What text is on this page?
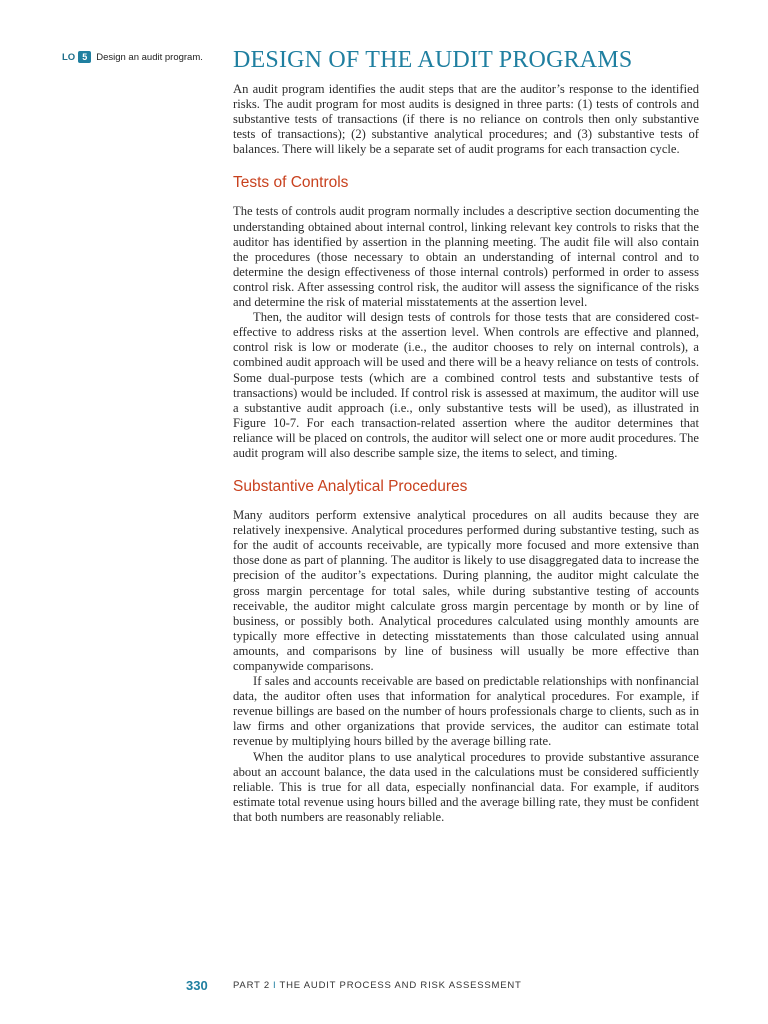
LO 5 Design an audit program.	DESIGN OF THE AUDIT PROGRAMS

An audit program identifies the audit steps that are the auditor’s response to the identified risks. The audit program for most audits is designed in three parts: (1) tests of controls and substantive tests of transactions (if there is no reliance on controls then only substantive tests of transactions); (2) substantive analytical procedures; and (3) substantive tests of balances. There will likely be a separate set of audit programs for each transaction cycle.

Tests of Controls

The tests of controls audit program normally includes a descriptive section documenting the understanding obtained about internal control, linking relevant key controls to risks that the auditor has identified by assertion in the planning meeting. The audit file will also contain the procedures (those necessary to obtain an understanding of internal control and to determine the design effectiveness of those internal controls) performed in order to assess control risk. After assessing control risk, the auditor will assess the significance of the risks and determine the risk of material misstatements at the assertion level.

Then, the auditor will design tests of controls for those tests that are considered cost-effective to address risks at the assertion level. When controls are effective and planned, control risk is low or moderate (i.e., the auditor chooses to rely on internal controls), a combined audit approach will be used and there will be a heavy reliance on tests of controls. Some dual-purpose tests (which are a combined control tests and substantive tests of transactions) would be included. If control risk is assessed at maximum, the auditor will use a substantive audit approach (i.e., only substantive tests will be used), as illustrated in Figure 10-7. For each transaction-related assertion where the auditor determines that reliance will be placed on controls, the auditor will select one or more audit procedures. The audit program will also describe sample size, the items to select, and timing.

Substantive Analytical Procedures

Many auditors perform extensive analytical procedures on all audits because they are relatively inexpensive. Analytical procedures performed during substantive testing, such as for the audit of accounts receivable, are typically more focused and more extensive than those done as part of planning. The auditor is likely to use disaggregated data to increase the precision of the auditor’s expectations. During planning, the auditor might calculate the gross margin percentage for total sales, while during substantive testing of accounts receivable, the auditor might calculate gross margin percentage by month or by line of business, or possibly both. Analytical procedures calculated using monthly amounts are typically more effective in detecting misstatements than those calculated using annual amounts, and comparisons by line of business will usually be more effective than companywide comparisons.

If sales and accounts receivable are based on predictable relationships with nonfinancial data, the auditor often uses that information for analytical procedures. For example, if revenue billings are based on the number of hours professionals charge to clients, such as in law firms and other organizations that provide services, the auditor can estimate total revenue by multiplying hours billed by the average billing rate.

When the auditor plans to use analytical procedures to provide substantive assurance about an account balance, the data used in the calculations must be considered sufficiently reliable. This is true for all data, especially nonfinancial data. For example, if auditors estimate total revenue using hours billed and the average billing rate, they must be confident that both numbers are reasonably reliable.

330	PART 2 I THE AUDIT PROCESS AND RISK ASSESSMENT
